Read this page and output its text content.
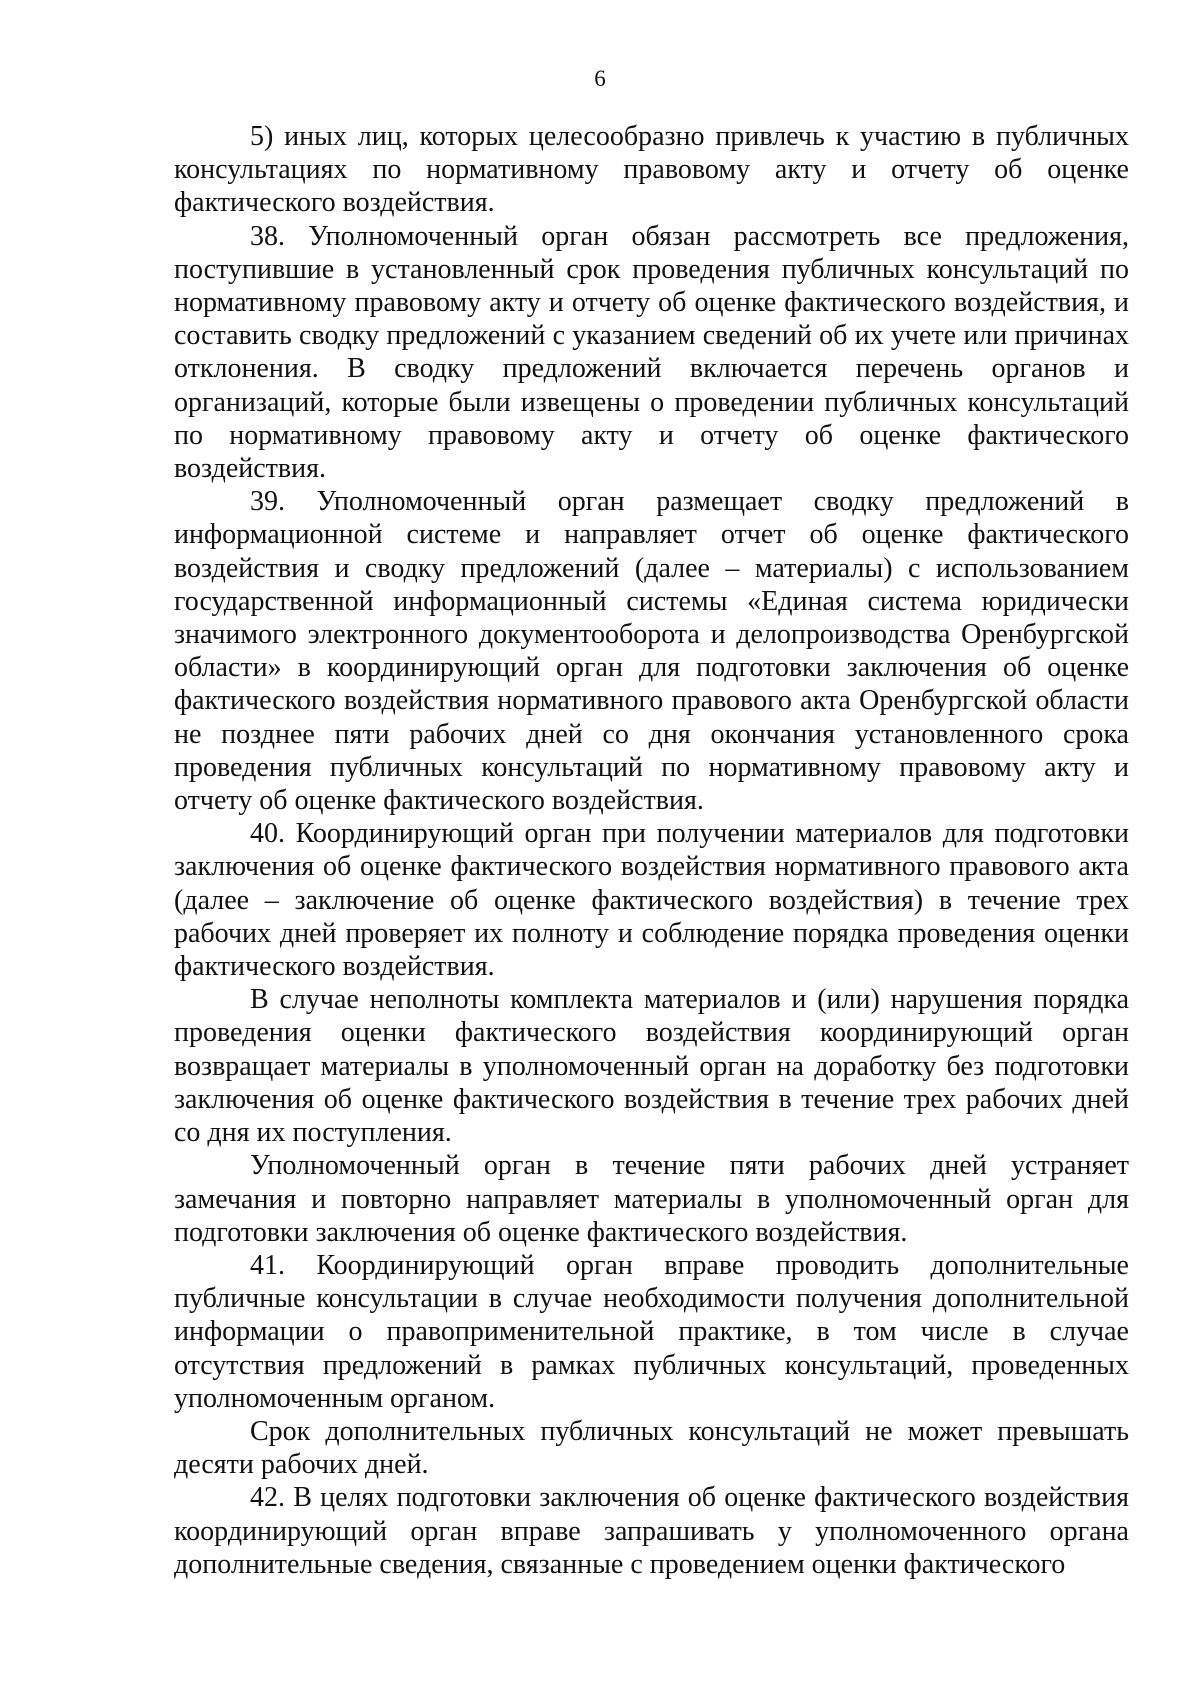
6

5) иных лиц, которых целесообразно привлечь к участию в публичных консультациях по нормативному правовому акту и отчету об оценке фактического воздействия.

38. Уполномоченный орган обязан рассмотреть все предложения, поступившие в установленный срок проведения публичных консультаций по нормативному правовому акту и отчету об оценке фактического воздействия, и составить сводку предложений с указанием сведений об их учете или причинах отклонения. В сводку предложений включается перечень органов и организаций, которые были извещены о проведении публичных консультаций по нормативному правовому акту и отчету об оценке фактического воздействия.

39. Уполномоченный орган размещает сводку предложений в информационной системе и направляет отчет об оценке фактического воздействия и сводку предложений (далее – материалы) с использованием государственной информационный системы «Единая система юридически значимого электронного документооборота и делопроизводства Оренбургской области» в координирующий орган для подготовки заключения об оценке фактического воздействия нормативного правового акта Оренбургской области не позднее пяти рабочих дней со дня окончания установленного срока проведения публичных консультаций по нормативному правовому акту и отчету об оценке фактического воздействия.

40. Координирующий орган при получении материалов для подготовки заключения об оценке фактического воздействия нормативного правового акта (далее – заключение об оценке фактического воздействия) в течение трех рабочих дней проверяет их полноту и соблюдение порядка проведения оценки фактического воздействия.

В случае неполноты комплекта материалов и (или) нарушения порядка проведения оценки фактического воздействия координирующий орган возвращает материалы в уполномоченный орган на доработку без подготовки заключения об оценке фактического воздействия в течение трех рабочих дней со дня их поступления.

Уполномоченный орган в течение пяти рабочих дней устраняет замечания и повторно направляет материалы в уполномоченный орган для подготовки заключения об оценке фактического воздействия.

41. Координирующий орган вправе проводить дополнительные публичные консультации в случае необходимости получения дополнительной информации о правоприменительной практике, в том числе в случае отсутствия предложений в рамках публичных консультаций, проведенных уполномоченным органом.

Срок дополнительных публичных консультаций не может превышать десяти рабочих дней.

42. В целях подготовки заключения об оценке фактического воздействия координирующий орган вправе запрашивать у уполномоченного органа дополнительные сведения, связанные с проведением оценки фактического
